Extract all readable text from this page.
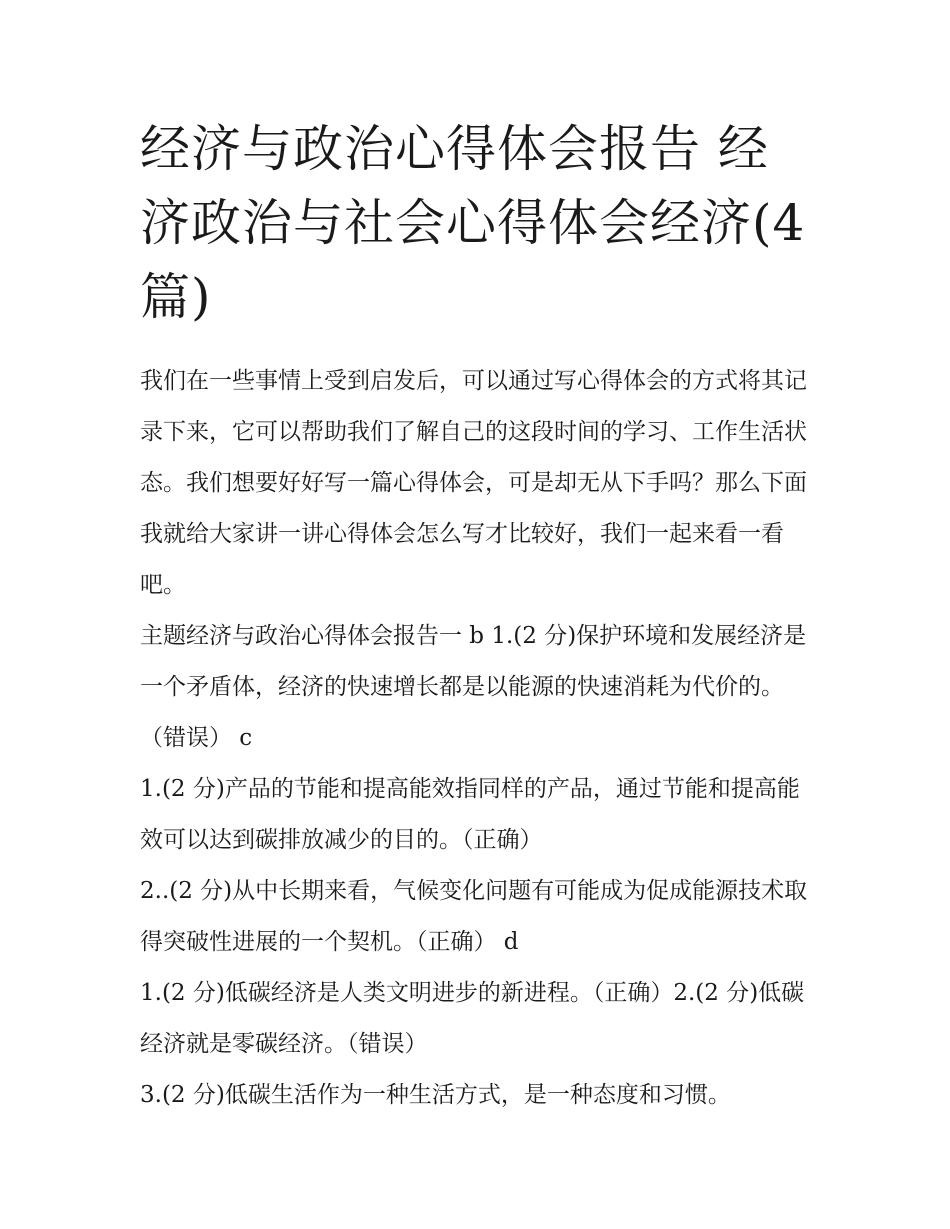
经济与政治心得体会报告 经济政治与社会心得体会经济(4篇)

我们在一些事情上受到启发后，可以通过写心得体会的方式将其记录下来，它可以帮助我们了解自己的这段时间的学习、工作生活状态。我们想要好好写一篇心得体会，可是却无从下手吗？那么下面我就给大家讲一讲心得体会怎么写才比较好，我们一起来看一看吧。

主题经济与政治心得体会报告一 b 1.(2 分)保护环境和发展经济是一个矛盾体，经济的快速增长都是以能源的快速消耗为代价的。（错误） c

1.(2 分)产品的节能和提高能效指同样的产品，通过节能和提高能效可以达到碳排放减少的目的。（正确）

2..(2 分)从中长期来看，气候变化问题有可能成为促成能源技术取得突破性进展的一个契机。（正确） d

1.(2 分)低碳经济是人类文明进步的新进程。（正确）2.(2 分)低碳经济就是零碳经济。（错误）

3.(2 分)低碳生活作为一种生活方式，是一种态度和习惯。
